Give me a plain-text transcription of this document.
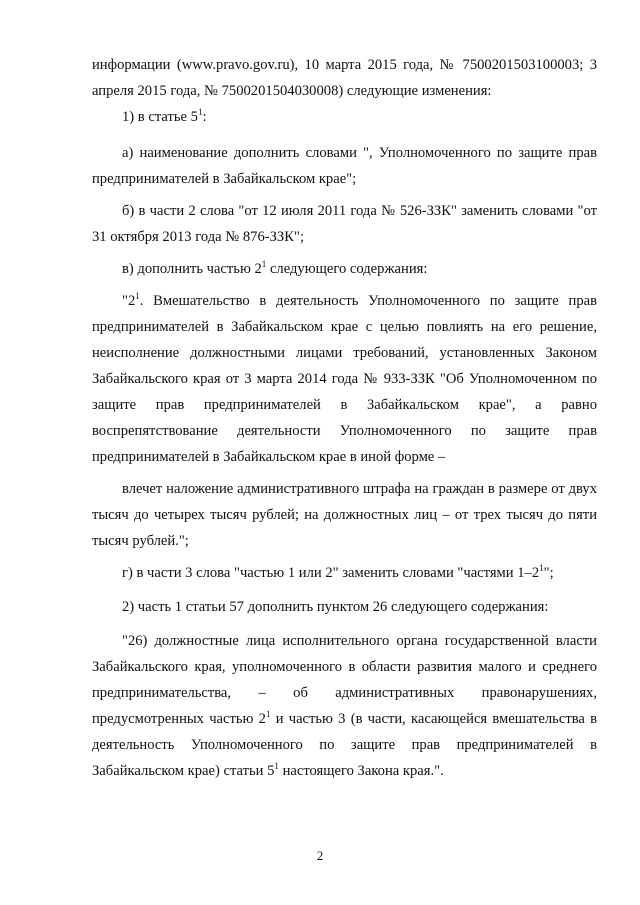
информации (www.pravo.gov.ru), 10 марта 2015 года, № 7500201503100003; 3 апреля 2015 года, № 7500201504030008) следующие изменения:

1) в статье $5^1$:

а) наименование дополнить словами ", Уполномоченного по защите прав предпринимателей в Забайкальском крае";

б) в части 2 слова "от 12 июля 2011 года № 526-ЗЗК" заменить словами "от 31 октября 2013 года № 876-ЗЗК";

в) дополнить частью $2^1$ следующего содержания:

"$2^1$. Вмешательство в деятельность Уполномоченного по защите прав предпринимателей в Забайкальском крае с целью повлиять на его решение, неисполнение должностными лицами требований, установленных Законом Забайкальского края от 3 марта 2014 года № 933-ЗЗК "Об Уполномоченном по защите прав предпринимателей в Забайкальском крае", а равно воспрепятствование деятельности Уполномоченного по защите прав предпринимателей в Забайкальском крае в иной форме –

влечет наложение административного штрафа на граждан в размере от двух тысяч до четырех тысяч рублей; на должностных лиц – от трех тысяч до пяти тысяч рублей.";

г) в части 3 слова "частью 1 или 2" заменить словами "частями $1-2^1$";

2) часть 1 статьи 57 дополнить пунктом 26 следующего содержания:

"26) должностные лица исполнительного органа государственной власти Забайкальского края, уполномоченного в области развития малого и среднего предпринимательства, – об административных правонарушениях, предусмотренных частью $2^1$ и частью 3 (в части, касающейся вмешательства в деятельность Уполномоченного по защите прав предпринимателей в Забайкальском крае) статьи $5^1$ настоящего Закона края.".

2
